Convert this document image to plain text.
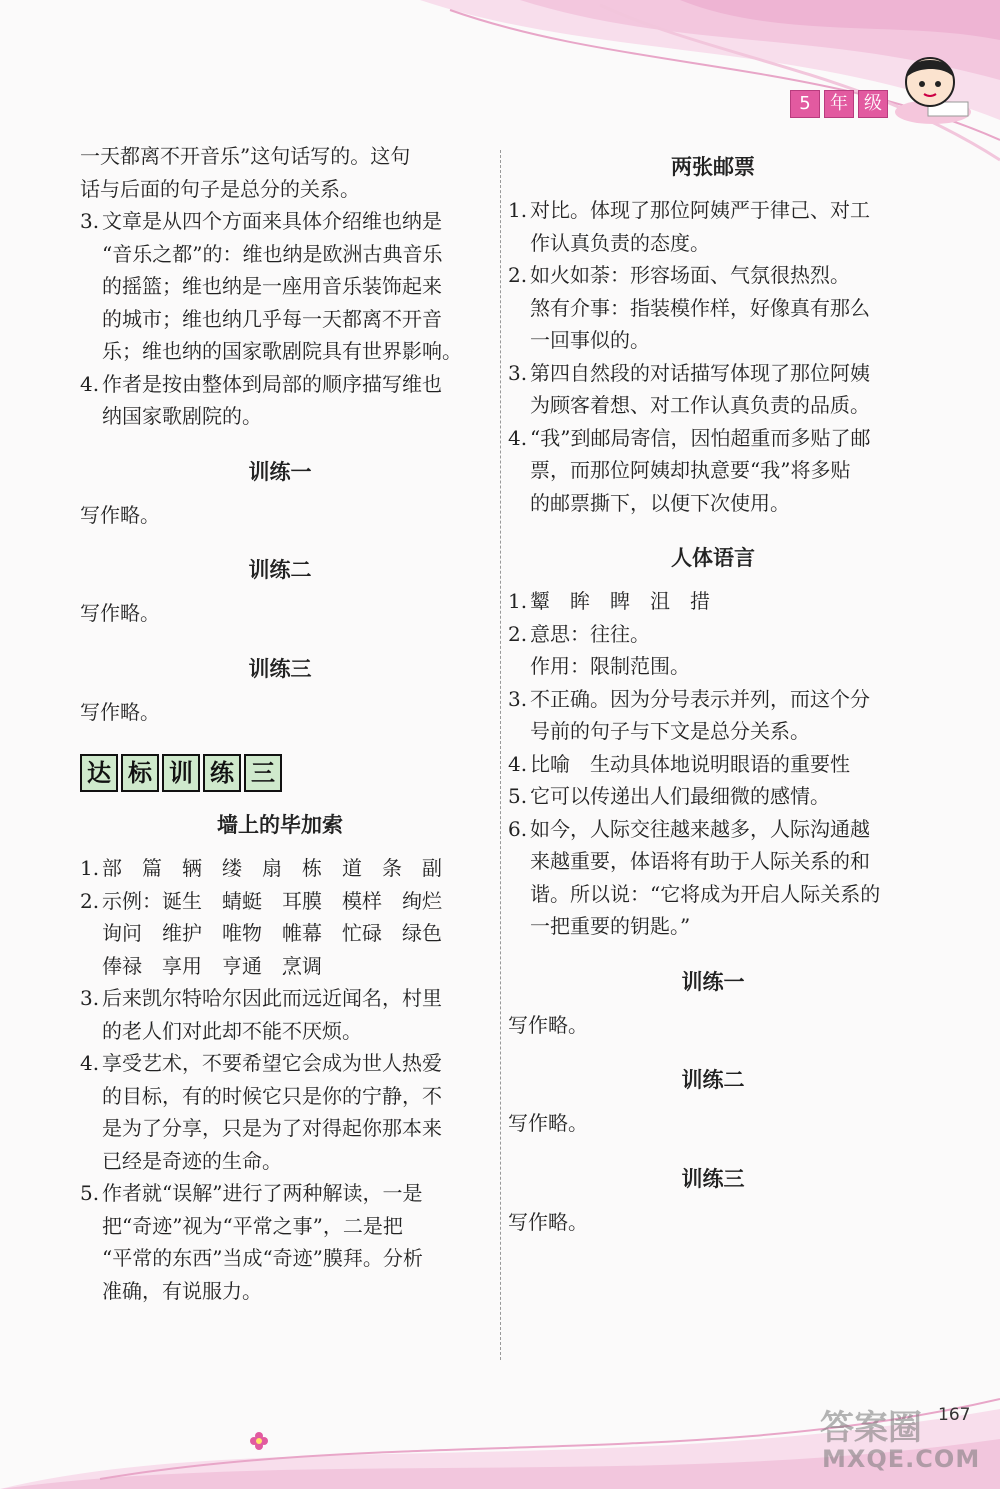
5	年 级
一天都离不开音乐”这句话写的。这句
话与后面的句子是总分的关系。
3. 文章是从四个方面来具体介绍维也纳是
“音乐之都”的：维也纳是欧洲古典音乐
的摇篮；维也纳是一座用音乐装饰起来
的城市；维也纳几乎每一天都离不开音
乐；维也纳的国家歌剧院具有世界影响。
4. 作者是按由整体到局部的顺序描写维也
纳国家歌剧院的。
训练一
写作略。
训练二
写作略。
训练三
写作略。
达 标 训 练 三
墙上的毕加索
1. 部　篇　辆　缕　扇　栋　道　条　副
2. 示例：诞生　蜻蜓　耳膜　模样　绚烂
询问　维护　唯物　帷幕　忙碌　绿色
俸禄　享用　亨通　烹调
3. 后来凯尔特哈尔因此而远近闻名，村里
的老人们对此却不能不厌烦。
4. 享受艺术，不要希望它会成为世人热爱
的目标，有的时候它只是你的宁静，不
是为了分享，只是为了对得起你那本来
已经是奇迹的生命。
5. 作者就“误解”进行了两种解读，一是
把“奇迹”视为“平常之事”，二是把
“平常的东西”当成“奇迹”膜拜。分析
准确，有说服力。
两张邮票
1. 对比。体现了那位阿姨严于律己、对工
作认真负责的态度。
2. 如火如荼：形容场面、气氛很热烈。
煞有介事：指装模作样，好像真有那么
一回事似的。
3. 第四自然段的对话描写体现了那位阿姨
为顾客着想、对工作认真负责的品质。
4. “我”到邮局寄信，因怕超重而多贴了邮
票，而那位阿姨却执意要“我”将多贴
的邮票撕下，以便下次使用。
人体语言
1. 颦　眸　睥　沮　措
2. 意思：往往。
作用：限制范围。
3. 不正确。因为分号表示并列，而这个分
号前的句子与下文是总分关系。
4. 比喻　生动具体地说明眼语的重要性
5. 它可以传递出人们最细微的感情。
6. 如今，人际交往越来越多，人际沟通越
来越重要，体语将有助于人际关系的和
谐。所以说：“它将成为开启人际关系的
一把重要的钥匙。”
训练一
写作略。
训练二
写作略。
训练三
写作略。
答案圈
MXQE.COM
167
